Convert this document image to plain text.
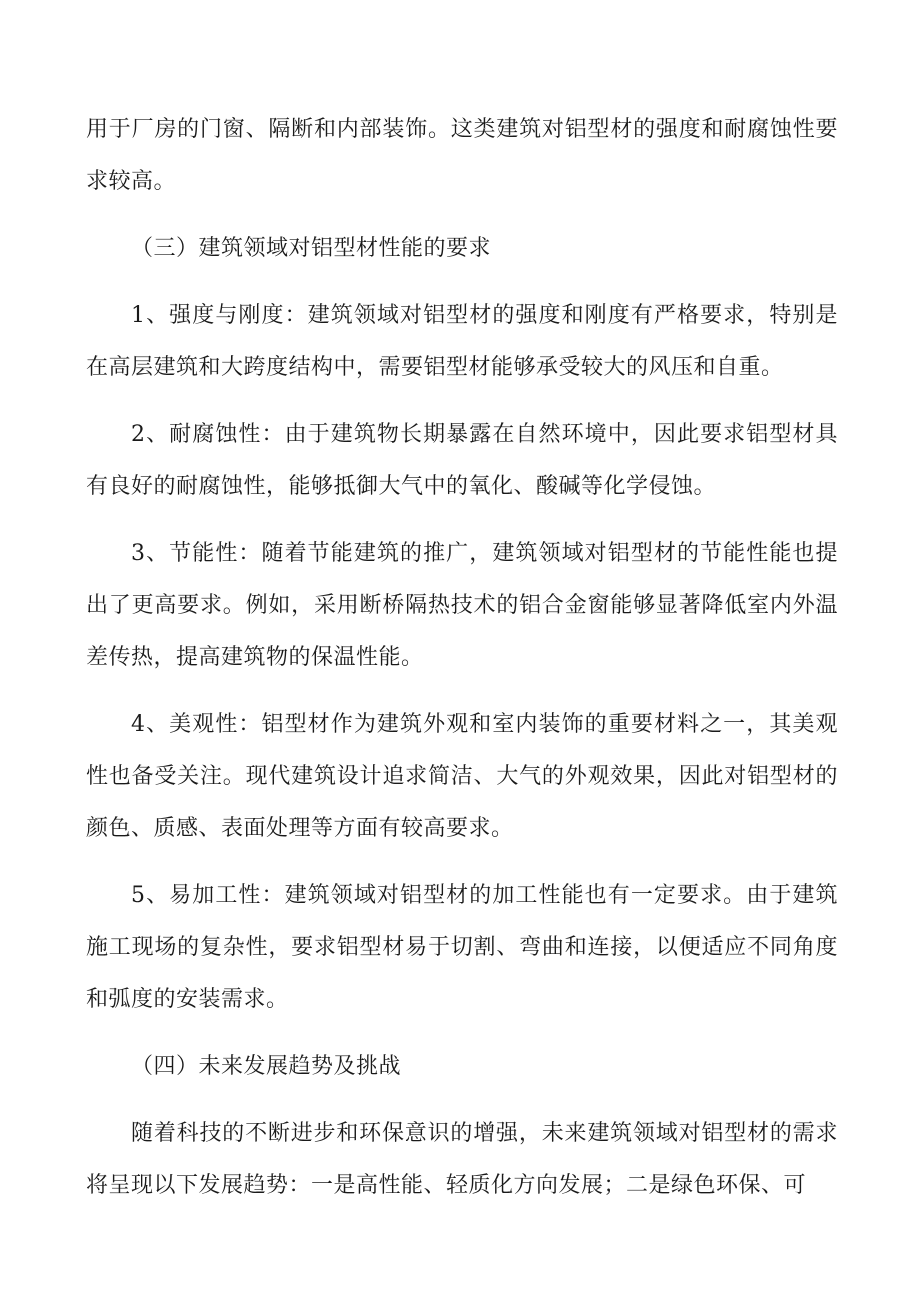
用于厂房的门窗、隔断和内部装饰。这类建筑对铝型材的强度和耐腐蚀性要求较高。

（三）建筑领域对铝型材性能的要求

1、强度与刚度：建筑领域对铝型材的强度和刚度有严格要求，特别是在高层建筑和大跨度结构中，需要铝型材能够承受较大的风压和自重。

2、耐腐蚀性：由于建筑物长期暴露在自然环境中，因此要求铝型材具有良好的耐腐蚀性，能够抵御大气中的氧化、酸碱等化学侵蚀。

3、节能性：随着节能建筑的推广，建筑领域对铝型材的节能性能也提出了更高要求。例如，采用断桥隔热技术的铝合金窗能够显著降低室内外温差传热，提高建筑物的保温性能。

4、美观性：铝型材作为建筑外观和室内装饰的重要材料之一，其美观性也备受关注。现代建筑设计追求简洁、大气的外观效果，因此对铝型材的颜色、质感、表面处理等方面有较高要求。

5、易加工性：建筑领域对铝型材的加工性能也有一定要求。由于建筑施工现场的复杂性，要求铝型材易于切割、弯曲和连接，以便适应不同角度和弧度的安装需求。

（四）未来发展趋势及挑战

随着科技的不断进步和环保意识的增强，未来建筑领域对铝型材的需求将呈现以下发展趋势：一是高性能、轻质化方向发展；二是绿色环保、可
